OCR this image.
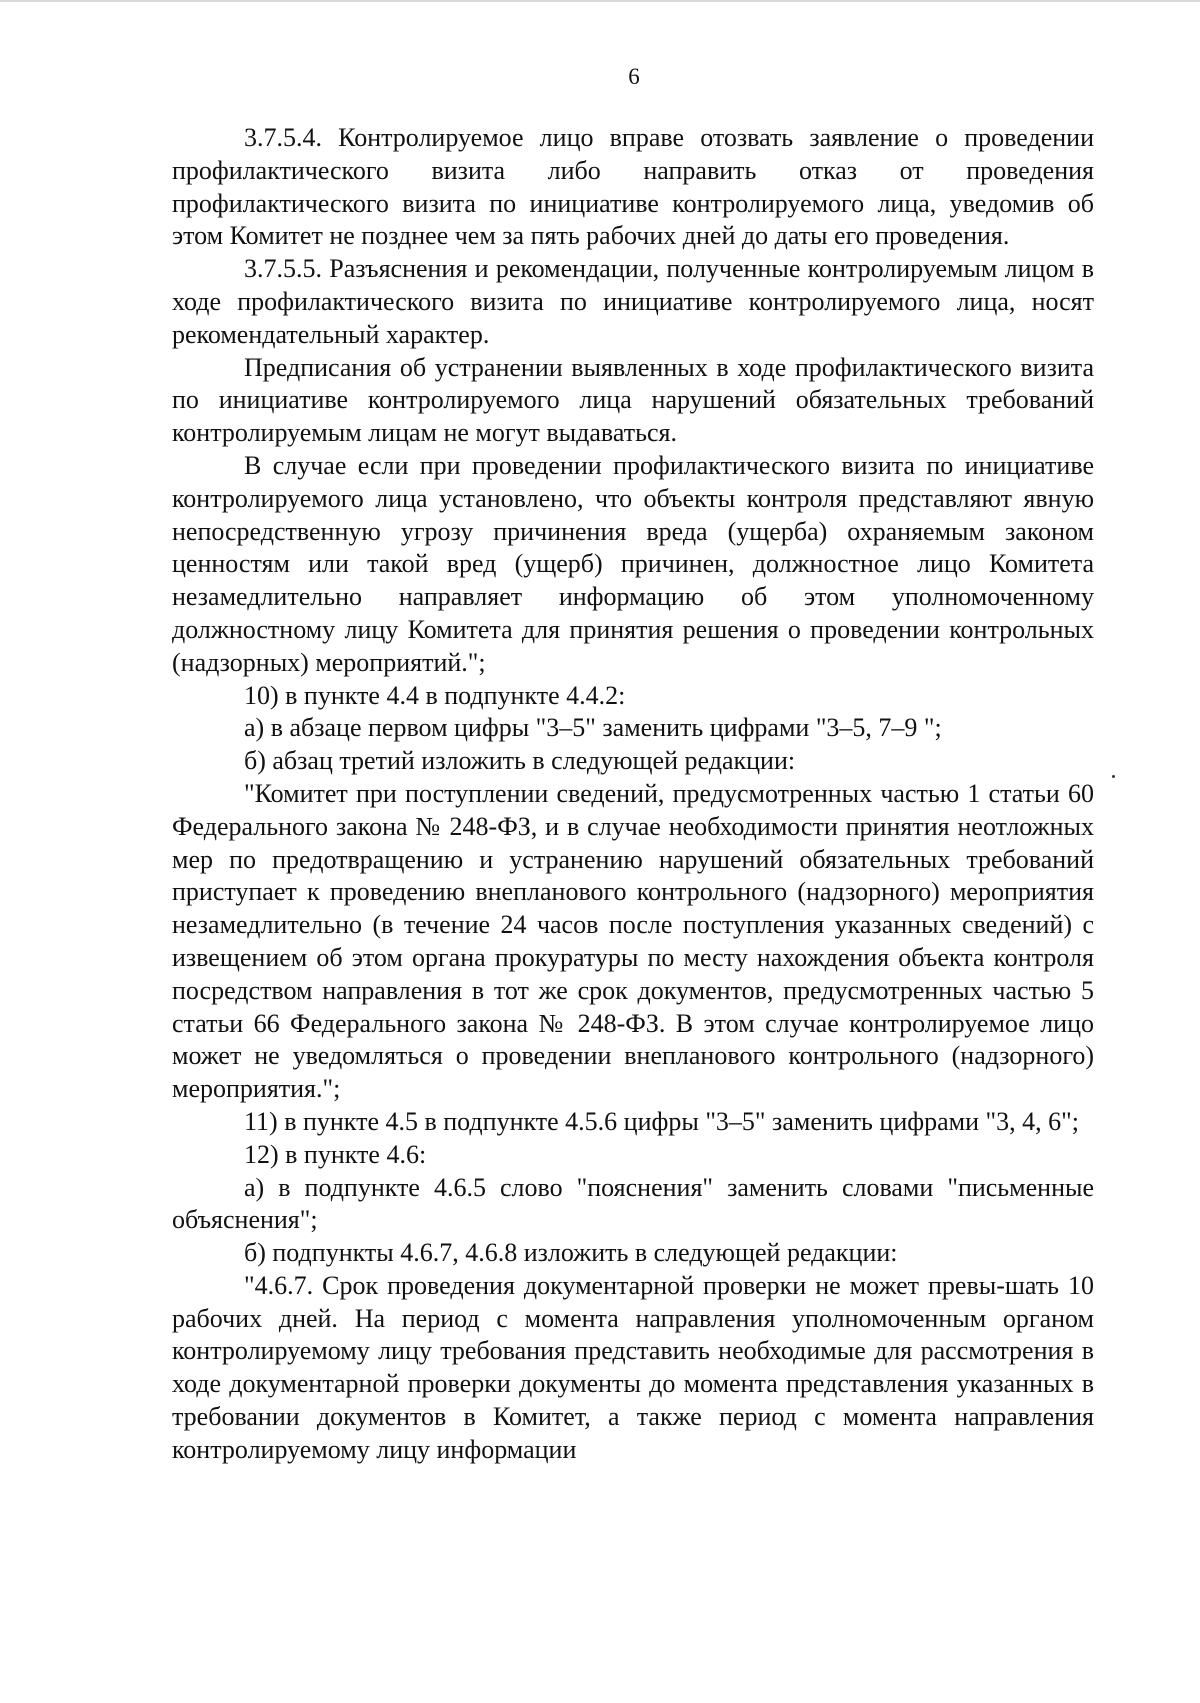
6

3.7.5.4. Контролируемое лицо вправе отозвать заявление о проведении профилактического визита либо направить отказ от проведения профилактического визита по инициативе контролируемого лица, уведомив об этом Комитет не позднее чем за пять рабочих дней до даты его проведения.

3.7.5.5. Разъяснения и рекомендации, полученные контролируемым лицом в ходе профилактического визита по инициативе контролируемого лица, носят рекомендательный характер.

Предписания об устранении выявленных в ходе профилактического визита по инициативе контролируемого лица нарушений обязательных требований контролируемым лицам не могут выдаваться.

В случае если при проведении профилактического визита по инициативе контролируемого лица установлено, что объекты контроля представляют явную непосредственную угрозу причинения вреда (ущерба) охраняемым законом ценностям или такой вред (ущерб) причинен, должностное лицо Комитета незамедлительно направляет информацию об этом уполномоченному должностному лицу Комитета для принятия решения о проведении контрольных (надзорных) мероприятий.";

10) в пункте 4.4 в подпункте 4.4.2:

а) в абзаце первом цифры "3–5" заменить цифрами "3–5, 7–9 ";

б) абзац третий изложить в следующей редакции:

"Комитет при поступлении сведений, предусмотренных частью 1 статьи 60 Федерального закона № 248-ФЗ, и в случае необходимости принятия неотложных мер по предотвращению и устранению нарушений обязательных требований приступает к проведению внепланового контрольного (надзорного) мероприятия незамедлительно (в течение 24 часов после поступления указанных сведений) с извещением об этом органа прокуратуры по месту нахождения объекта контроля посредством направления в тот же срок документов, предусмотренных частью 5 статьи 66 Федерального закона № 248-ФЗ. В этом случае контролируемое лицо может не уведомляться о проведении внепланового контрольного (надзорного) мероприятия.";

11) в пункте 4.5 в подпункте 4.5.6 цифры "3–5" заменить цифрами "3, 4, 6";

12) в пункте 4.6:

а) в подпункте 4.6.5 слово "пояснения" заменить словами "письменные объяснения";

б) подпункты 4.6.7, 4.6.8 изложить в следующей редакции:

"4.6.7. Срок проведения документарной проверки не может превы-шать 10 рабочих дней. На период с момента направления уполномоченным органом контролируемому лицу требования представить необходимые для рассмотрения в ходе документарной проверки документы до момента представления указанных в требовании документов в Комитет, а также период с момента направления контролируемому лицу информации
